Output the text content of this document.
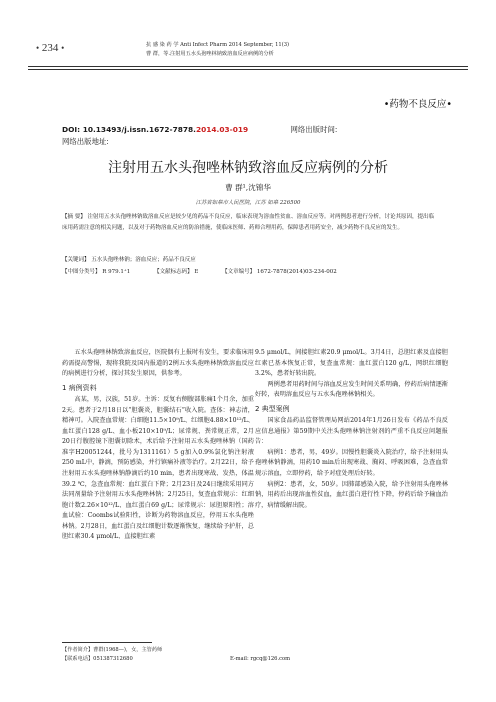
• 234 •	抗 感 染 药 学 Anti Infect Pharm 2014 September, 11(3)
曹 群，等.注射用五水头孢唑林钠致溶血反应病例的分析
•药物不良反应•
DOI: 10.13493/j.issn.1672-7878.2014.03-019	网络出版时间:
网络出版地址:
注射用五水头孢唑林钠致溶血反应病例的分析
曹 群¹,沈锦华
江苏省如皋市人民医院，江苏 如皋 226500
【摘 要】 注射用五水头孢唑林钠致溶血反应是较少见的药品不良反应，临床表现为溶血性贫血、溶血反应等。对两例患者进行分析，讨论其原因，提出临床用药需注意的相关问题，以及对于药物溶血反应的防治措施，使临床医师、药师合理用药，保障患者用药安全，减少药物不良反应的发生。
【关键词】 五水头孢唑林钠；溶血反应；药品不良反应
【中图分类号】 R 979.1⁺1	【文献标志码】 E	【文章编号】 1672-7878(2014)03-234-002

五水头孢唑林钠致溶血反应，医院偶有上报时有发生，要求临床用药需提高警惕，现将我院及国内报道的2例五水头孢唑林钠致溶血反应的病例进行分析，探讨其发生原因，供参考。

1 病例资料

高某，男，汉族，51岁。主诉：反复右侧腹部胀痛1个月余，加重2天。患者于2月18日以“胆囊炎，胆囊结石”收入院。查体：神志清，精神可。入院查血常规：白细胞11.5×10⁹/L、红细胞4.88×10¹²/L、血红蛋白128 g/L、血小板210×10⁹/L；尿常规、粪常规正常，2月20日行腹腔镜下胆囊切除术，术后给予注射用五水头孢唑林钠（国药准字H20051244，批号为1311161）5 g加入0.9%氯化钠注射液250 mL中，静滴，预防感染，并行镇痛补液等治疗。2月22日，给予注射用五水头孢唑林钠静滴后约10 min，患者出现寒战、发热，体温39.2 ℃，急查血常规：血红蛋白下降；2月23日及24日继续采用同方法同剂量给予注射用五水头孢唑林钠；2月25日，复查血常规示：红细胞计数2.26×10¹²/L、血红蛋白69 g/L；尿常规示：尿胆原阳性；溶血试验：Coombs试验阳性，诊断为药物溶血反应，停用五水头孢唑林钠。2月28日，血红蛋白及红细胞计数逐渐恢复，继续给予护肝，总胆红素30.4 μmol/L、直接胆红素

9.5 μmol/L，间接胆红素20.9 μmol/L。3月4日，总胆红素及直接胆红素已基本恢复正常，复查血常规：血红蛋白120 g/L，网织红细胞3.2%，患者好转出院。

两例患者用药时间与溶血反应发生时间关系明确，停药后病情逐渐好转，表明溶血反应与五水头孢唑林钠相关。

2 典型案例

国家食品药品监督管理局网站2014年1月26日发布《药品不良反应信息通报》第59期中关注头孢唑林钠注射剂的严重不良反应问题报告：

病例1：患者，男，49岁。因慢性胆囊炎入院治疗，给予注射用头孢唑林钠静滴，用药10 min后出现寒战、胸闷、呼吸困难，急查血常规示溶血，立即停药，给予对症处理后好转。

病例2：患者，女，50岁。因肺部感染入院，给予注射用头孢唑林钠，用药后出现溶血性贫血，血红蛋白进行性下降，停药后给予输血治疗，病情缓解出院。

【作者简介】曹群(1968—)，女，主管药师
【联系电话】051387312680	E-mail: rgcq@126.com
